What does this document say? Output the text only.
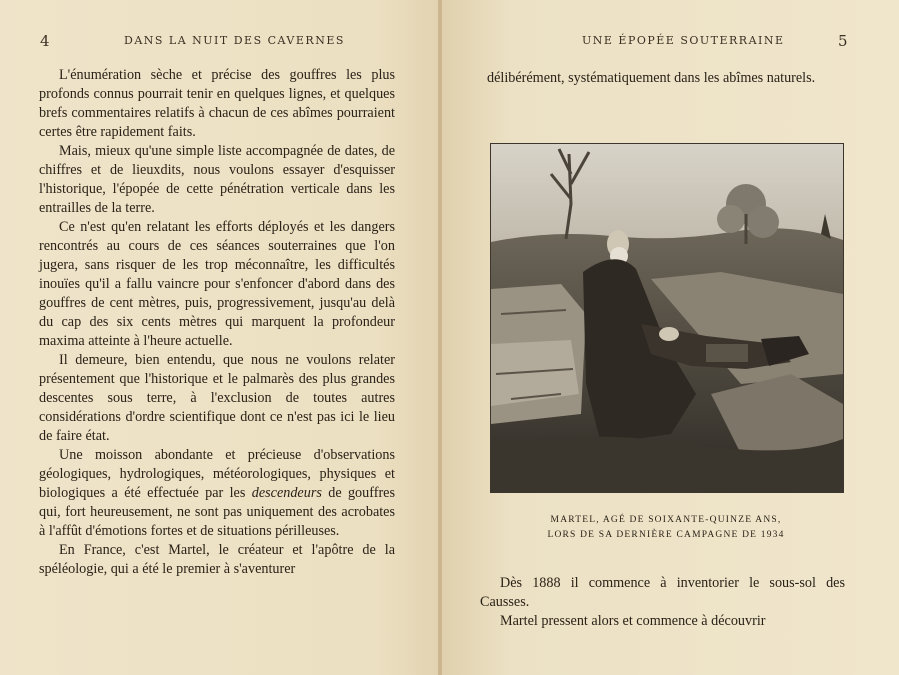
4	DANS LA NUIT DES CAVERNES

L'énumération sèche et précise des gouffres les plus profonds connus pourrait tenir en quelques lignes, et quelques brefs commentaires relatifs à chacun de ces abîmes pourraient certes être rapidement faits.

Mais, mieux qu'une simple liste accompagnée de dates, de chiffres et de lieuxdits, nous voulons essayer d'esquisser l'historique, l'épopée de cette pénétration verticale dans les entrailles de la terre.

Ce n'est qu'en relatant les efforts déployés et les dangers rencontrés au cours de ces séances souterraines que l'on jugera, sans risquer de les trop méconnaître, les difficultés inouïes qu'il a fallu vaincre pour s'enfoncer d'abord dans des gouffres de cent mètres, puis, progressivement, jusqu'au delà du cap des six cents mètres qui marquent la profondeur maxima atteinte à l'heure actuelle.

Il demeure, bien entendu, que nous ne voulons relater présentement que l'historique et le palmarès des plus grandes descentes sous terre, à l'exclusion de toutes autres considérations d'ordre scientifique dont ce n'est pas ici le lieu de faire état.

Une moisson abondante et précieuse d'observations géologiques, hydrologiques, météorologiques, physiques et biologiques a été effectuée par les descendeurs de gouffres qui, fort heureusement, ne sont pas uniquement des acrobates à l'affût d'émotions fortes et de situations périlleuses.

En France, c'est Martel, le créateur et l'apôtre de la spéléologie, qui a été le premier à s'aventurer

UNE ÉPOPÉE SOUTERRAINE	5

délibérément, systématiquement dans les abîmes naturels.

MARTEL, AGÉ DE SOIXANTE-QUINZE ANS,
LORS DE SA DERNIÈRE CAMPAGNE DE 1934

Dès 1888 il commence à inventorier le sous-sol des Causses.

Martel pressent alors et commence à découvrir
